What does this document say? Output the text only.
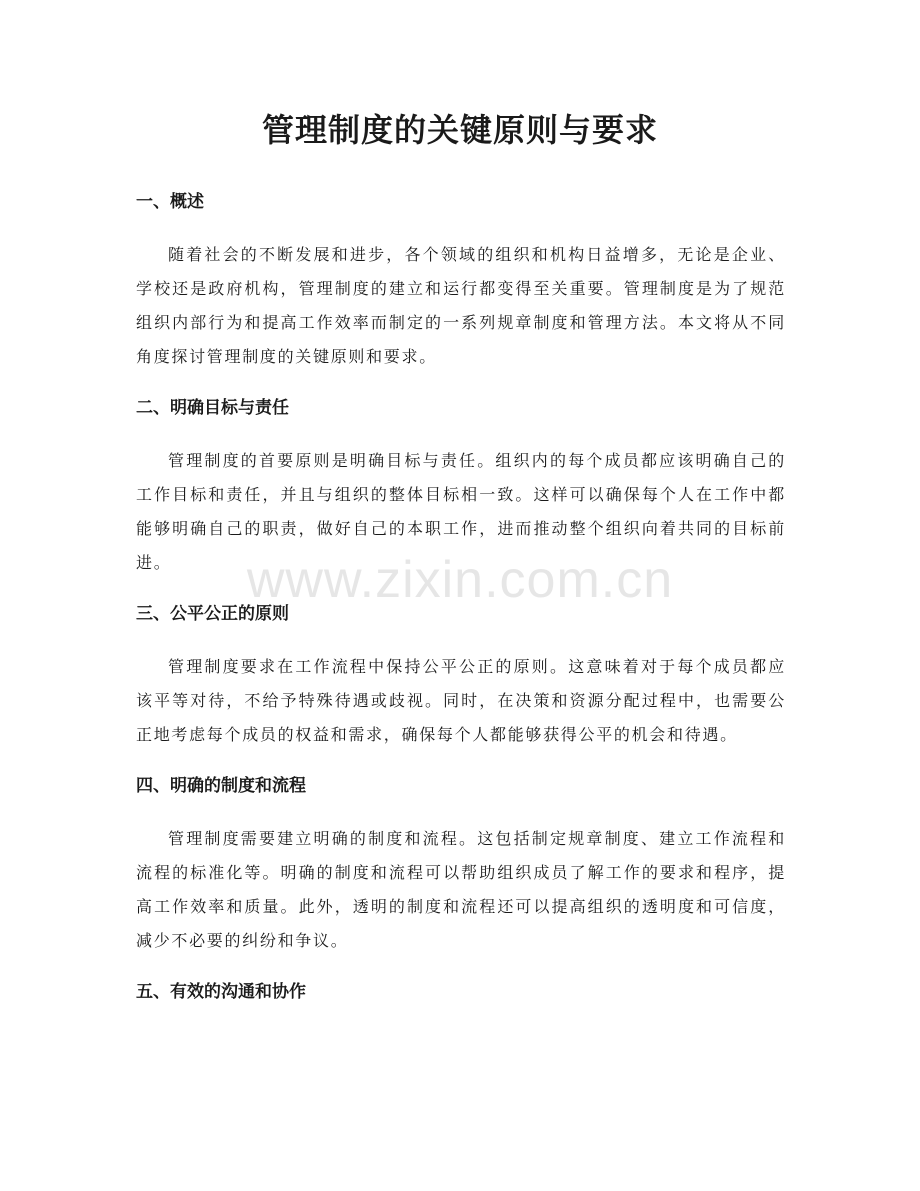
管理制度的关键原则与要求
一、概述

随着社会的不断发展和进步，各个领域的组织和机构日益增多，无论是企业、学校还是政府机构，管理制度的建立和运行都变得至关重要。管理制度是为了规范组织内部行为和提高工作效率而制定的一系列规章制度和管理方法。本文将从不同角度探讨管理制度的关键原则和要求。

二、明确目标与责任

管理制度的首要原则是明确目标与责任。组织内的每个成员都应该明确自己的工作目标和责任，并且与组织的整体目标相一致。这样可以确保每个人在工作中都能够明确自己的职责，做好自己的本职工作，进而推动整个组织向着共同的目标前进。

三、公平公正的原则

管理制度要求在工作流程中保持公平公正的原则。这意味着对于每个成员都应该平等对待，不给予特殊待遇或歧视。同时，在决策和资源分配过程中，也需要公正地考虑每个成员的权益和需求，确保每个人都能够获得公平的机会和待遇。

四、明确的制度和流程

管理制度需要建立明确的制度和流程。这包括制定规章制度、建立工作流程和流程的标准化等。明确的制度和流程可以帮助组织成员了解工作的要求和程序，提高工作效率和质量。此外，透明的制度和流程还可以提高组织的透明度和可信度，减少不必要的纠纷和争议。

五、有效的沟通和协作
www.zixin.com.cn
